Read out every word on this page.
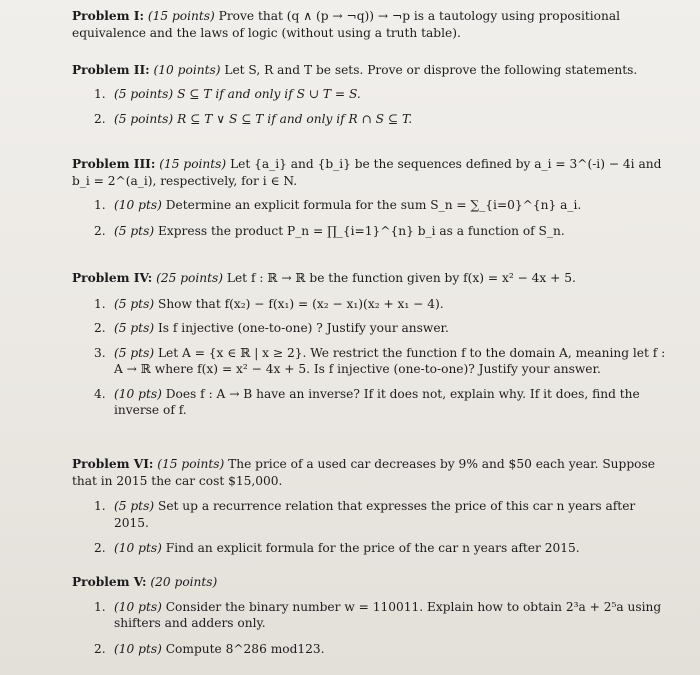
Problem I: (15 points) Prove that (q ∧ (p → ¬q)) → ¬p is a tautology using propositional equivalence and the laws of logic (without using a truth table).
Problem II: (10 points) Let S, R and T be sets. Prove or disprove the following statements.
1. (5 points) S ⊆ T if and only if S ∪ T = S.
2. (5 points) R ⊆ T ∨ S ⊆ T if and only if R ∩ S ⊆ T.
Problem III: (15 points) Let {a_i} and {b_i} be the sequences defined by a_i = 3^(-i) − 4i and b_i = 2^(a_i), respectively, for i ∈ N.
1. (10 pts) Determine an explicit formula for the sum S_n = ∑_{i=0}^{n} a_i.
2. (5 pts) Express the product P_n = ∏_{i=1}^{n} b_i as a function of S_n.
Problem IV: (25 points) Let f : ℝ → ℝ be the function given by f(x) = x² − 4x + 5.
1. (5 pts) Show that f(x₂) − f(x₁) = (x₂ − x₁)(x₂ + x₁ − 4).
2. (5 pts) Is f injective (one-to-one) ? Justify your answer.
3. (5 pts) Let A = {x ∈ ℝ | x ≥ 2}. We restrict the function f to the domain A, meaning let f : A → ℝ where f(x) = x² − 4x + 5. Is f injective (one-to-one)? Justify your answer.
4. (10 pts) Does f : A → B have an inverse? If it does not, explain why. If it does, find the inverse of f.
Problem VI: (15 points) The price of a used car decreases by 9% and $50 each year. Suppose that in 2015 the car cost $15,000.
1. (5 pts) Set up a recurrence relation that expresses the price of this car n years after 2015.
2. (10 pts) Find an explicit formula for the price of the car n years after 2015.
Problem V: (20 points)
1. (10 pts) Consider the binary number w = 110011. Explain how to obtain 2³a + 2⁵a using shifters and adders only.
2. (10 pts) Compute 8^286 mod123.
